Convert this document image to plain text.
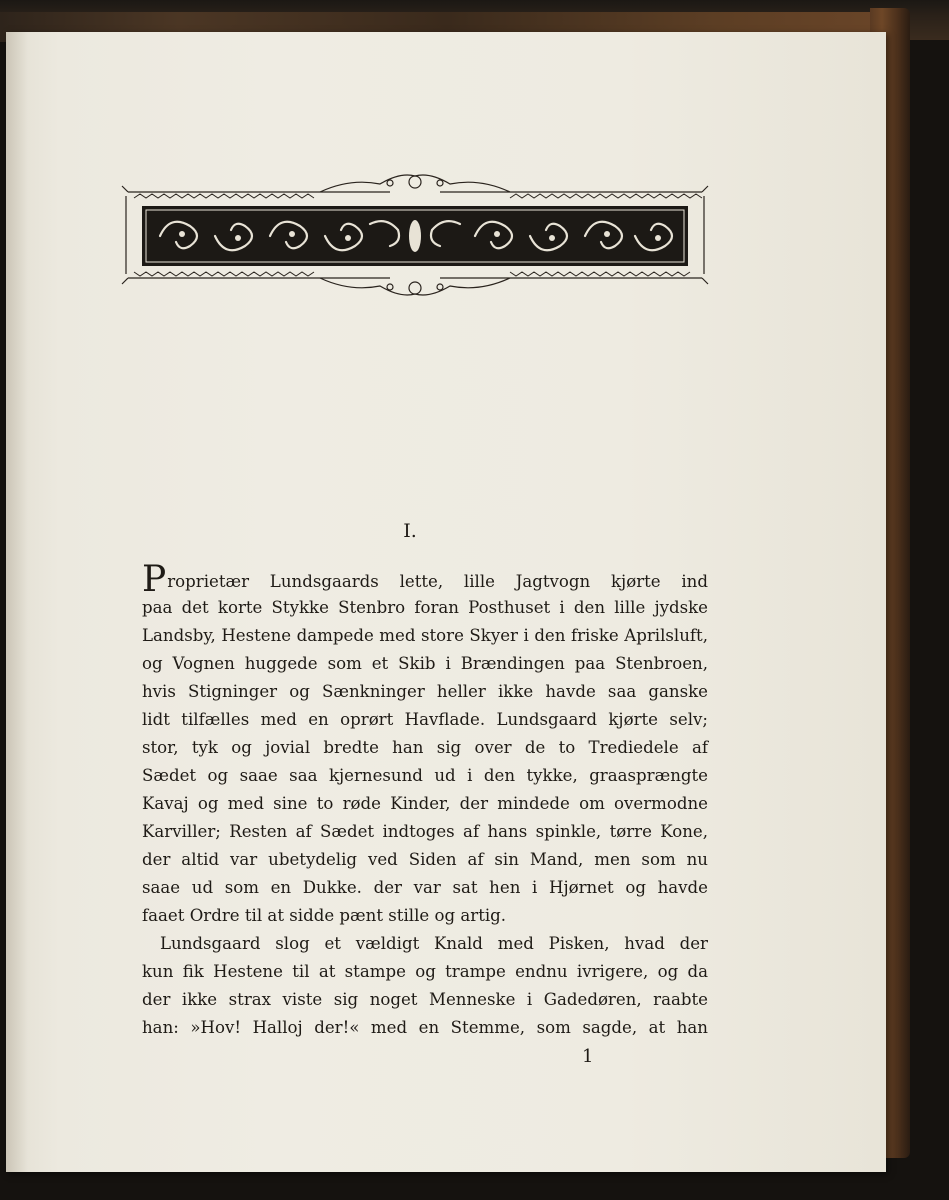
I.
Proprietær Lundsgaards lette, lille Jagtvogn kjørte ind
paa det korte Stykke Stenbro foran Posthuset i den lille jydske
Landsby, Hestene dampede med store Skyer i den friske Aprilsluft,
og Vognen huggede som et Skib i Brændingen paa Stenbroen,
hvis Stigninger og Sænkninger heller ikke havde saa ganske
lidt tilfælles med en oprørt Havflade. Lundsgaard kjørte selv;
stor, tyk og jovial bredte han sig over de to Trediedele af
Sædet og saae saa kjernesund ud i den tykke, graasprængte
Kavaj og med sine to røde Kinder, der mindede om overmodne
Karviller; Resten af Sædet indtoges af hans spinkle, tørre Kone,
der altid var ubetydelig ved Siden af sin Mand, men som nu
saae ud som en Dukke. der var sat hen i Hjørnet og havde
faaet Ordre til at sidde pænt stille og artig.
Lundsgaard slog et vældigt Knald med Pisken, hvad der
kun fik Hestene til at stampe og trampe endnu ivrigere, og da
der ikke strax viste sig noget Menneske i Gadedøren, raabte
han: »Hov! Halloj der!« med en Stemme, som sagde, at han
1
